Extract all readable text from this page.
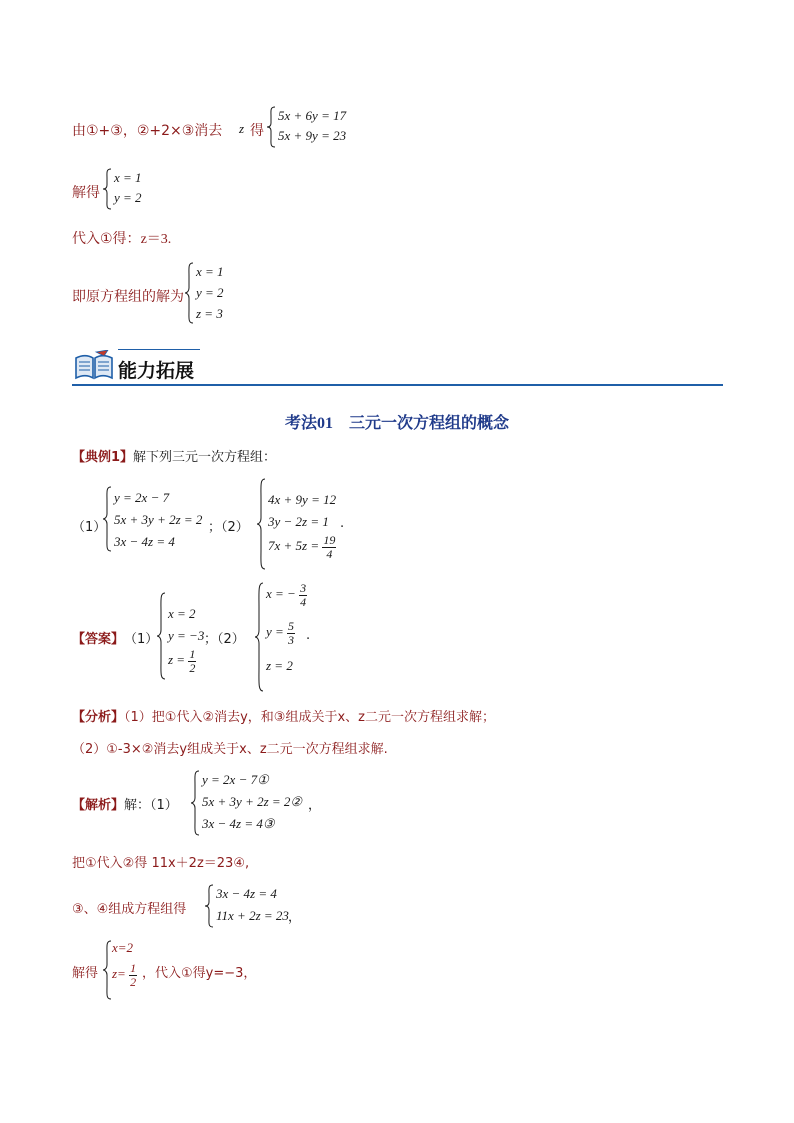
由①+③，②+2×③消去 z 得
5x + 6y = 17
5x + 9y = 23
解得
x = 1
y = 2
代入①得：z＝3.
即原方程组的解为
x = 1
y = 2
z = 3
能力拓展
考法01　三元一次方程组的概念
【典例1】解下列三元一次方程组：
（1）
y = 2x − 7
5x + 3y + 2z = 2
3x − 4z = 4
；（2）
4x + 9y = 12
3y − 2z = 1
$7x + 5z = \frac{19}{4}$
.
【答案】 （1）
x = 2
y = −3
$z = \frac{1}{2}$
；（2）
x = − $\frac{3}{4}$
$y = \frac{5}{3}$
z = 2
.
【分析】（1）把①代入②消去y，和③组成关于x、z二元一次方程组求解；
（2）①-3×②消去y组成关于x、z二元一次方程组求解.
【解析】 解：（1）
y = 2x − 7①
5x + 3y + 2z = 2②
3x − 4z = 4③
，
把①代入②得 11x＋2z＝23④,
③、④组成方程组得
3x − 4z = 4
11x + 2z = 23 ，
解得
x=2
$z= \frac{1}{2}$ ，代入①得y=−3，
